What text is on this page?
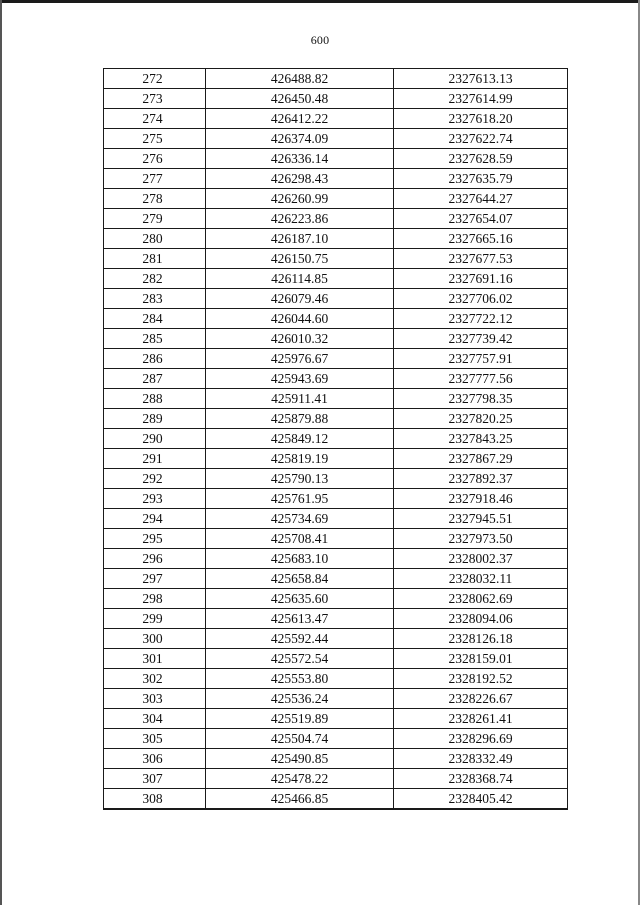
600
272	426488.82	2327613.13
273	426450.48	2327614.99
274	426412.22	2327618.20
275	426374.09	2327622.74
276	426336.14	2327628.59
277	426298.43	2327635.79
278	426260.99	2327644.27
279	426223.86	2327654.07
280	426187.10	2327665.16
281	426150.75	2327677.53
282	426114.85	2327691.16
283	426079.46	2327706.02
284	426044.60	2327722.12
285	426010.32	2327739.42
286	425976.67	2327757.91
287	425943.69	2327777.56
288	425911.41	2327798.35
289	425879.88	2327820.25
290	425849.12	2327843.25
291	425819.19	2327867.29
292	425790.13	2327892.37
293	425761.95	2327918.46
294	425734.69	2327945.51
295	425708.41	2327973.50
296	425683.10	2328002.37
297	425658.84	2328032.11
298	425635.60	2328062.69
299	425613.47	2328094.06
300	425592.44	2328126.18
301	425572.54	2328159.01
302	425553.80	2328192.52
303	425536.24	2328226.67
304	425519.89	2328261.41
305	425504.74	2328296.69
306	425490.85	2328332.49
307	425478.22	2328368.74
308	425466.85	2328405.42
